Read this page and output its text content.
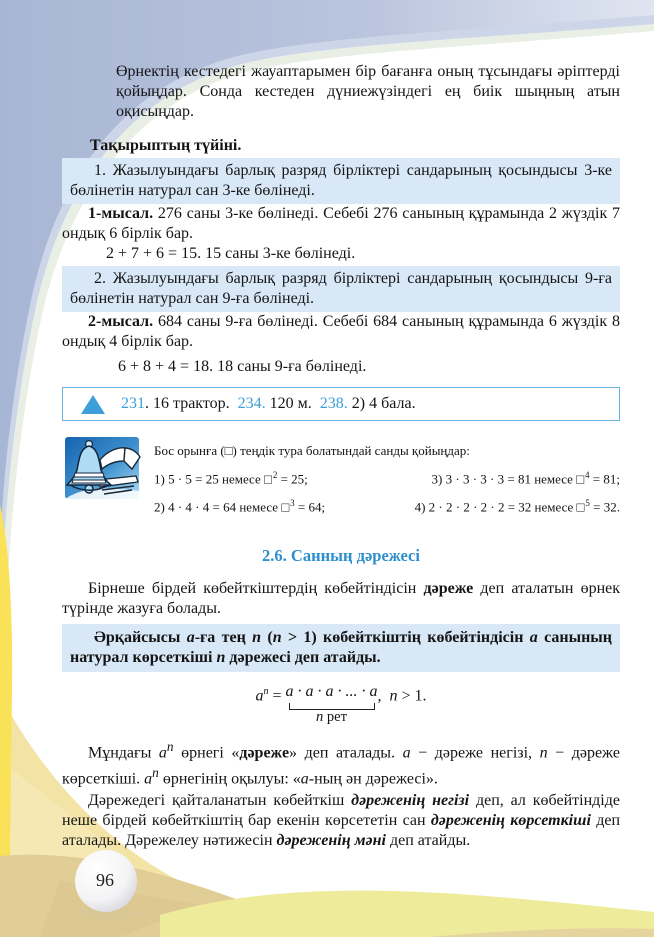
96

Өрнектің кестедегі жауаптарымен бір бағанға оның тұсындағы әріптерді қойыңдар. Сонда кестеден дүниежүзіндегі ең биік шыңның атын оқисыңдар.

Тақырыптың түйіні.

1. Жазылуындағы барлық разряд бірліктері сандарының қосындысы 3-ке бөлінетін натурал сан 3-ке бөлінеді.

1-мысал. 276 саны 3-ке бөлінеді. Себебі 276 санының құрамында 2 жүздік 7 ондық 6 бірлік бар.

2 + 7 + 6 = 15. 15 саны 3-ке бөлінеді.

2. Жазылуындағы барлық разряд бірліктері сандарының қосындысы 9-ға бөлінетін натурал сан 9-ға бөлінеді.

2-мысал. 684 саны 9-ға бөлінеді. Себебі 684 санының құрамында 6 жүздік 8 ондық 4 бірлік бар.

6 + 8 + 4 = 18. 18 саны 9-ға бөлінеді.

231. 16 трактор. 234. 120 м. 238. 2) 4 бала.
Бос орынға (□) теңдік тура болатындай санды қойыңдар:
1) 5 · 5 = 25 немесе □$^2$ = 25;	3) 3 · 3 · 3 · 3 = 81 немесе □$^4$ = 81;
2) 4 · 4 · 4 = 64 немесе □$^3$ = 64;	4) 2 · 2 · 2 · 2 · 2 = 32 немесе □$^5$ = 32.
2.6. Санның дәрежесі

Бірнеше бірдей көбейткіштердің көбейтіндісін дәреже деп аталатын өрнек түрінде жазуға болады.

Әрқайсысы a-ға тең n (n > 1) көбейткіштің көбейтіндісін a санының натурал көрсеткіші n дәрежесі деп атайды.
$a^n = a \cdot a \cdot a$ · ... · a
n рет
, n > 1.

Мұндағы $a^n$ өрнегі «дәреже» деп аталады. a − дәреже негізі, n − дәреже көрсеткіші. $a^n$ өрнегінің оқылуы: «a-ның ән дәрежесі».

Дәрежедегі қайталанатын көбейткіш дәреженің негізі деп, ал көбейтіндіде неше бірдей көбейткіштің бар екенін көрсететін сан дәреженің көрсеткіші деп аталады. Дәрежелеу нәтижесін дәреженің мәні деп атайды.
